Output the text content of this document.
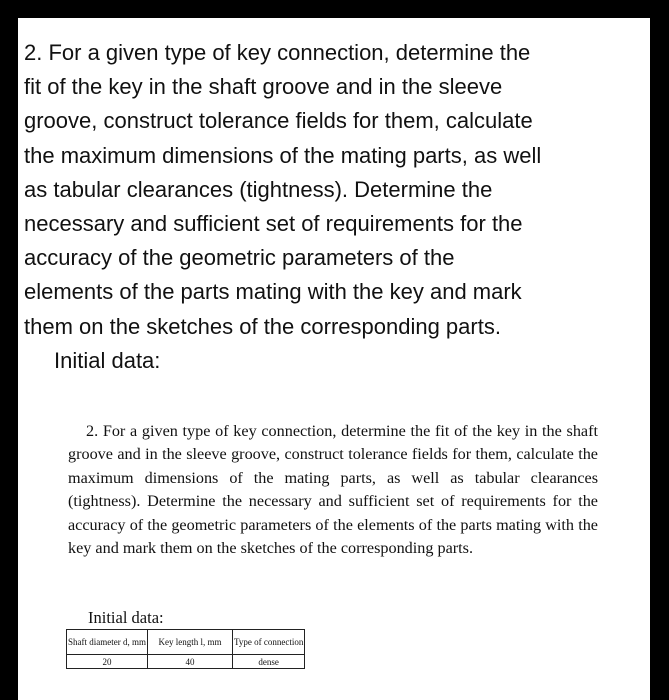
2. For a given type of key connection, determine the
fit of the key in the shaft groove and in the sleeve
groove, construct tolerance fields for them, calculate
the maximum dimensions of the mating parts, as well
as tabular clearances (tightness). Determine the
necessary and sufficient set of requirements for the
accuracy of the geometric parameters of the
elements of the parts mating with the key and mark
them on the sketches of the corresponding parts.

Initial data:

2. For a given type of key connection, determine the fit of the key in the shaft groove and in the sleeve groove, construct tolerance fields for them, calculate the maximum dimensions of the mating parts, as well as tabular clearances (tightness). Determine the necessary and sufficient set of requirements for the accuracy of the geometric parameters of the elements of the parts mating with the key and mark them on the sketches of the corresponding parts.

Initial data:
Shaft diameter d, mm	Key length l, mm	Type of connection
20	40	dense
